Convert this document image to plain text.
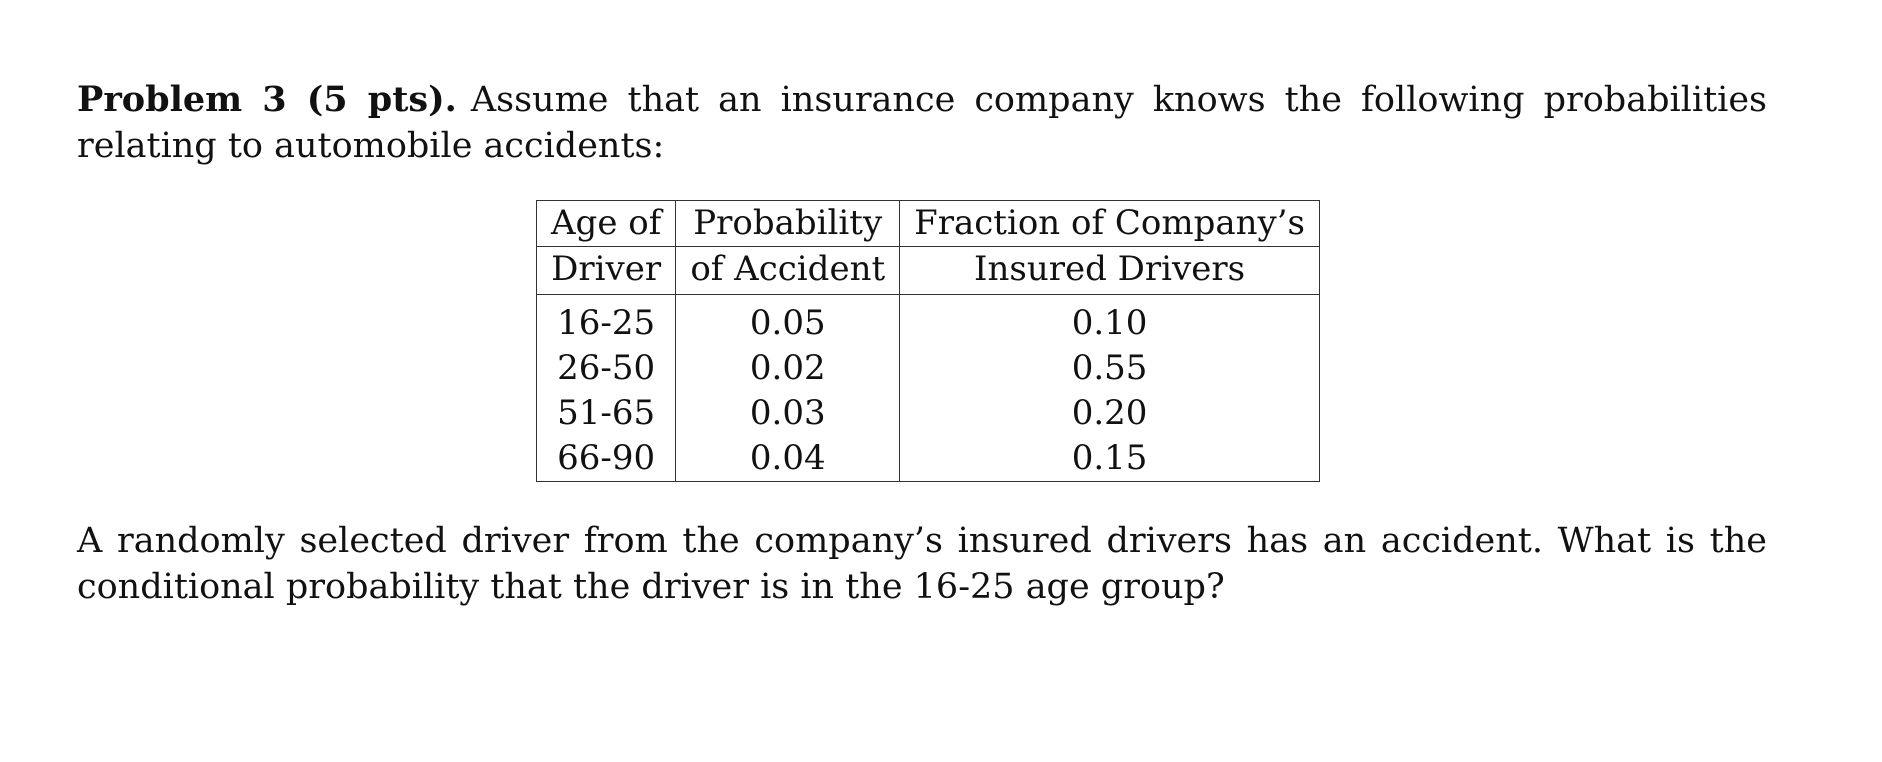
Problem 3 (5 pts). Assume that an insurance company knows the following probabilities relating to automobile accidents:
Age of	Probability	Fraction of Company’s
Driver	of Accident	Insured Drivers

16-25	0.05	0.10
26-50	0.02	0.55
51-65	0.03	0.20
66-90	0.04	0.15
A randomly selected driver from the company’s insured drivers has an accident. What is the conditional probability that the driver is in the 16-25 age group?
